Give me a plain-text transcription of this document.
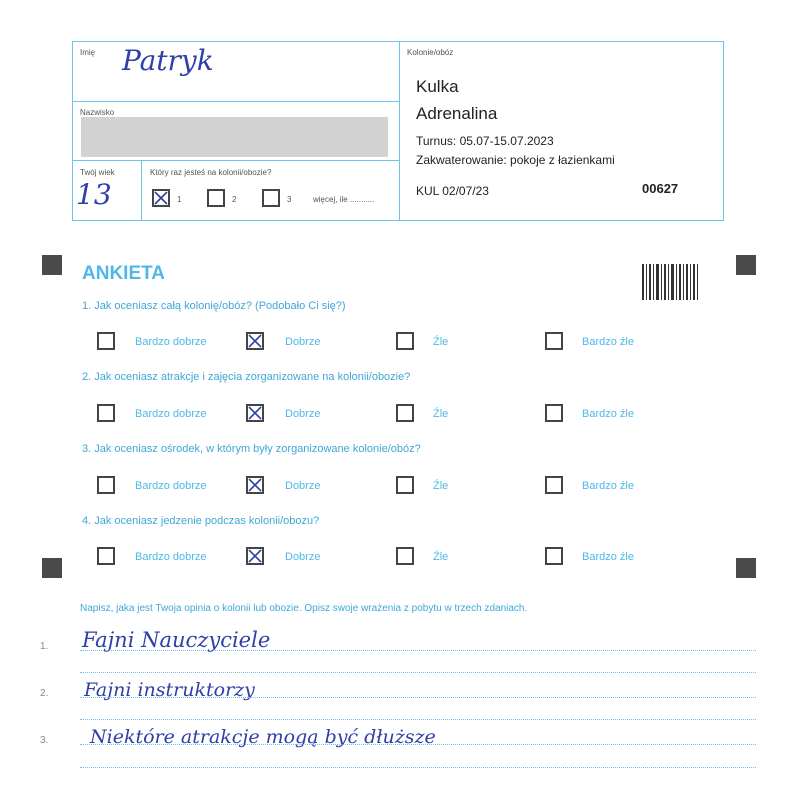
Imię Patryk
Nazwisko
Twój wiek
13
Który raz jesteś na kolonii/obozie?
1	2	3	więcej, ile ...........
Kolonie/obóz
Kulka
Adrenalina
Turnus: 05.07-15.07.2023
Zakwaterowanie: pokoje z łazienkami
KUL 02/07/23	00627
ANKIETA
1. Jak oceniasz całą kolonię/obóz? (Podobało Ci się?)
Bardzo dobrze	Dobrze	Źle	Bardzo źle
2. Jak oceniasz atrakcje i zajęcia zorganizowane na kolonii/obozie?
Bardzo dobrze	Dobrze	Źle	Bardzo źle
3. Jak oceniasz ośrodek, w którym były zorganizowane kolonie/obóz?
Bardzo dobrze	Dobrze	Źle	Bardzo źle
4. Jak oceniasz jedzenie podczas kolonii/obozu?
Bardzo dobrze	Dobrze	Źle	Bardzo źle
Napisz, jaka jest Twoja opinia o kolonii lub obozie. Opisz swoje wrażenia z pobytu w trzech zdaniach.
1. Fajni Nauczyciele
2. Fajni instruktorzy
3. Niektóre atrakcje mogą być dłuższe
